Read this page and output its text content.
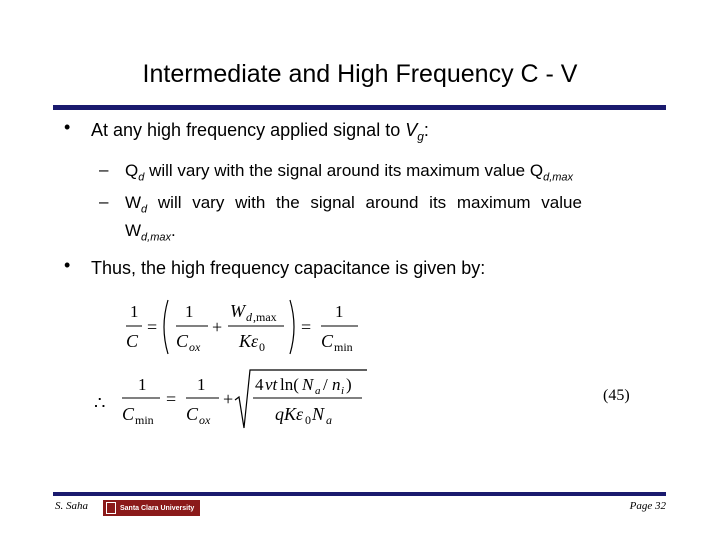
Intermediate and High Frequency C - V
• At any high frequency applied signal to $V_g$:
– $Q_d$ will vary with the signal around its maximum value $Q_{d,max}$
– $W_d$ will vary with the signal around its maximum value
$W_{d,max}$.
• Thus, the high frequency capacitance is given by:
1
C
=
1
C ox
+
W d ,max
Kε 0
=
1
C min
∴
1
C min
=
1
C ox
+
4 νt ln( N a / n i )
qKε 0 N a
(45)
S. Saha	Santa Clara University	Page 32
